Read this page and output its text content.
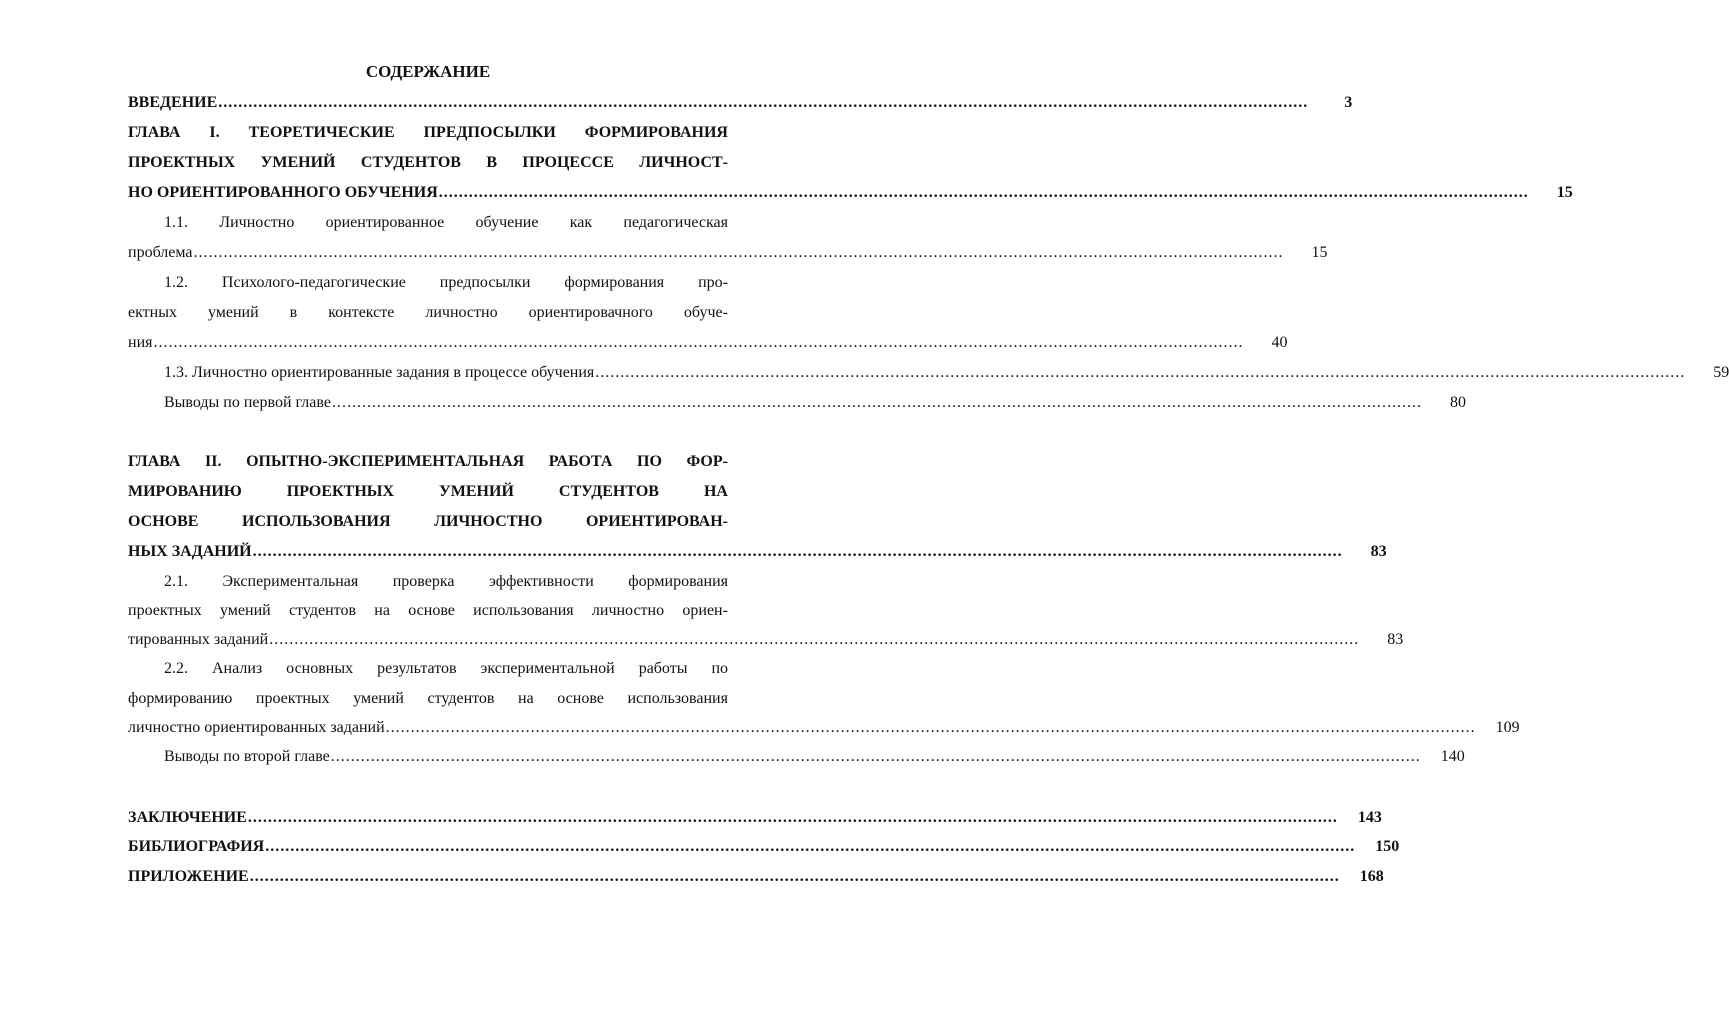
СОДЕРЖАНИЕ
ВВЕДЕНИЕ ..........................................................................................................................................................................................................................	3
ГЛАВА I. ТЕОРЕТИЧЕСКИЕ ПРЕДПОСЫЛКИ ФОРМИРОВАНИЯ
ПРОЕКТНЫХ УМЕНИЙ СТУДЕНТОВ В ПРОЦЕССЕ ЛИЧНОСТ-
НО ОРИЕНТИРОВАННОГО ОБУЧЕНИЯ ..........................................................................................................................................................................................................................	15
1.1. Личностно ориентированное обучение как педагогическая
проблема ..........................................................................................................................................................................................................................	15
1.2. Психолого-педагогические предпосылки формирования про-
ектных умений в контексте личностно ориентировачного обуче-
ния ..........................................................................................................................................................................................................................	40
1.3. Личностно ориентированные задания в процессе обучения ..........................................................................................................................................................................................................................	59
Выводы по первой главе ..........................................................................................................................................................................................................................	80
ГЛАВА II. ОПЫТНО-ЭКСПЕРИМЕНТАЛЬНАЯ РАБОТА ПО ФОР-
МИРОВАНИЮ	ПРОЕКТНЫХ	УМЕНИЙ	СТУДЕНТОВ	НА
ОСНОВЕ	ИСПОЛЬЗОВАНИЯ	ЛИЧНОСТНО	ОРИЕНТИРОВАН-
НЫХ ЗАДАНИЙ ..........................................................................................................................................................................................................................	83
2.1. Экспериментальная проверка эффективности формирования
проектных умений студентов на основе использования личностно ориен-
тированных заданий ..........................................................................................................................................................................................................................	83
2.2. Анализ основных результатов экспериментальной работы по
формированию проектных умений студентов на основе использования
личностно ориентированных заданий ..........................................................................................................................................................................................................................	109
Выводы по второй главе ..........................................................................................................................................................................................................................	140
ЗАКЛЮЧЕНИЕ ..........................................................................................................................................................................................................................	143
БИБЛИОГРАФИЯ ..........................................................................................................................................................................................................................	150
ПРИЛОЖЕНИЕ ..........................................................................................................................................................................................................................	168
